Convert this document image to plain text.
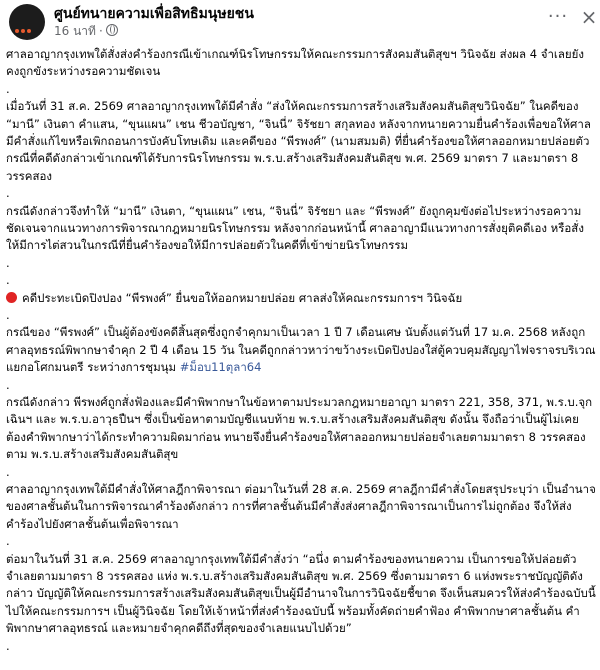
ศูนย์ทนายความเพื่อสิทธิมนุษยชน
16 นาที ·
··· ×

ศาลอาญากรุงเทพใต้สั่งส่งคำร้องกรณีเข้าเกณฑ์นิรโทษกรรมให้คณะกรรมการสังคมสันติสุขฯ วินิจฉัย ส่งผล 4 จำเลยยังคงถูกขังระหว่างรอความชัดเจน

.

เมื่อวันที่ 31 ส.ค. 2569 ศาลอาญากรุงเทพใต้มีคำสั่ง “ส่งให้คณะกรรมการสร้างเสริมสังคมสันติสุขวินิจฉัย” ในคดีของ “มานี” เงินตา คำแสน, “ขุนแผน” เชน ชีวอบัญชา, “จินนี่” จิรัชยา สกุลทอง หลังจากทนายความยื่นคำร้องเพื่อขอให้ศาลมีคำสั่งแก้ไขหรือเพิกถอนการบังคับโทษเดิม และคดีของ “พีรพงศ์” (นามสมมติ) ที่ยื่นคำร้องขอให้ศาลออกหมายปล่อยตัว กรณีที่คดีดังกล่าวเข้าเกณฑ์ได้รับการนิรโทษกรรม พ.ร.บ.สร้างเสริมสังคมสันติสุข พ.ศ. 2569 มาตรา 7 และมาตรา 8 วรรคสอง

.

กรณีดังกล่าวจึงทำให้ “มานี” เงินตา, “ขุนแผน” เชน, “จินนี่” จิรัชยา และ “พีรพงศ์” ยังถูกคุมขังต่อไประหว่างรอความชัดเจนจากแนวทางการพิจารณากฎหมายนิรโทษกรรม หลังจากก่อนหน้านี้ ศาลอาญามีแนวทางการสั่งยุติคดีเอง หรือสั่งให้มีการไต่สวนในกรณีที่ยื่นคำร้องขอให้มีการปล่อยตัวในคดีที่เข้าข่ายนิรโทษกรรม

.
.

คดีประทะเบิดปิงปอง “พีรพงศ์” ยื่นขอให้ออกหมายปล่อย ศาลส่งให้คณะกรรมการฯ วินิจฉัย

.

กรณีของ “พีรพงศ์” เป็นผู้ต้องขังคดีสิ้นสุดซึ่งถูกจำคุกมาเป็นเวลา 1 ปี 7 เดือนเศษ นับตั้งแต่วันที่ 17 ม.ค. 2568 หลังถูกศาลอุทธรณ์พิพากษาจำคุก 2 ปี 4 เดือน 15 วัน ในคดีถูกกล่าวหาว่าขว้างระเบิดปิงปองใส่ตู้ควบคุมสัญญาไฟจราจรบริเวณแยกอโศกมนตรี ระหว่างการชุมนุม #ม็อบ11ตุลา64

.

กรณีดังกล่าว พีรพงศ์ถูกสั่งฟ้องและมีคำพิพากษาในข้อหาตามประมวลกฎหมายอาญา มาตรา 221, 358, 371, พ.ร.บ.จุกเฉินฯ และ พ.ร.บ.อาวุธปืนฯ ซึ่งเป็นข้อหาตามบัญชีแนบท้าย พ.ร.บ.สร้างเสริมสังคมสันติสุข ดังนั้น จึงถือว่าเป็นผู้ไม่เคยต้องคำพิพากษาว่าได้กระทำความผิดมาก่อน ทนายจึงยื่นคำร้องขอให้ศาลออกหมายปล่อยจำเลยตามมาตรา 8 วรรคสองตาม พ.ร.บ.สร้างเสริมสังคมสันติสุข

.

ศาลอาญากรุงเทพใต้มีคำสั่งให้ศาลฎีกาพิจารณา ต่อมาในวันที่ 28 ส.ค. 2569 ศาลฎีกามีคำสั่งโดยสรุประบุว่า เป็นอำนาจของศาลชั้นต้นในการพิจารณาคำร้องดังกล่าว การที่ศาลชั้นต้นมีคำสั่งส่งศาลฎีกาพิจารณาเป็นการไม่ถูกต้อง จึงให้ส่งคำร้องไปยังศาลชั้นต้นเพื่อพิจารณา

.

ต่อมาในวันที่ 31 ส.ค. 2569 ศาลอาญากรุงเทพใต้มีคำสั่งว่า “อนึ่ง ตามคำร้องของทนายความ เป็นการขอให้ปล่อยตัวจำเลยตามมาตรา 8 วรรคสอง แห่ง พ.ร.บ.สร้างเสริมสังคมสันติสุข พ.ศ. 2569 ซึ่งตามมาตรา 6 แห่งพระราชบัญญัติดังกล่าว บัญญัติให้คณะกรรมการสร้างเสริมสังคมสันติสุขเป็นผู้มีอำนาจในการวินิจฉัยชี้ขาด จึงเห็นสมควรให้ส่งคำร้องฉบับนี้ไปให้คณะกรรมการฯ เป็นผู้วินิจฉัย โดยให้เจ้าหน้าที่ส่งคำร้องฉบับนี้ พร้อมทั้งคัดถ่ายคำฟ้อง คำพิพากษาศาลชั้นต้น คำพิพากษาศาลอุทธรณ์ และหมายจำคุกคดีถึงที่สุดของจำเลยแนบไปด้วย”

.
